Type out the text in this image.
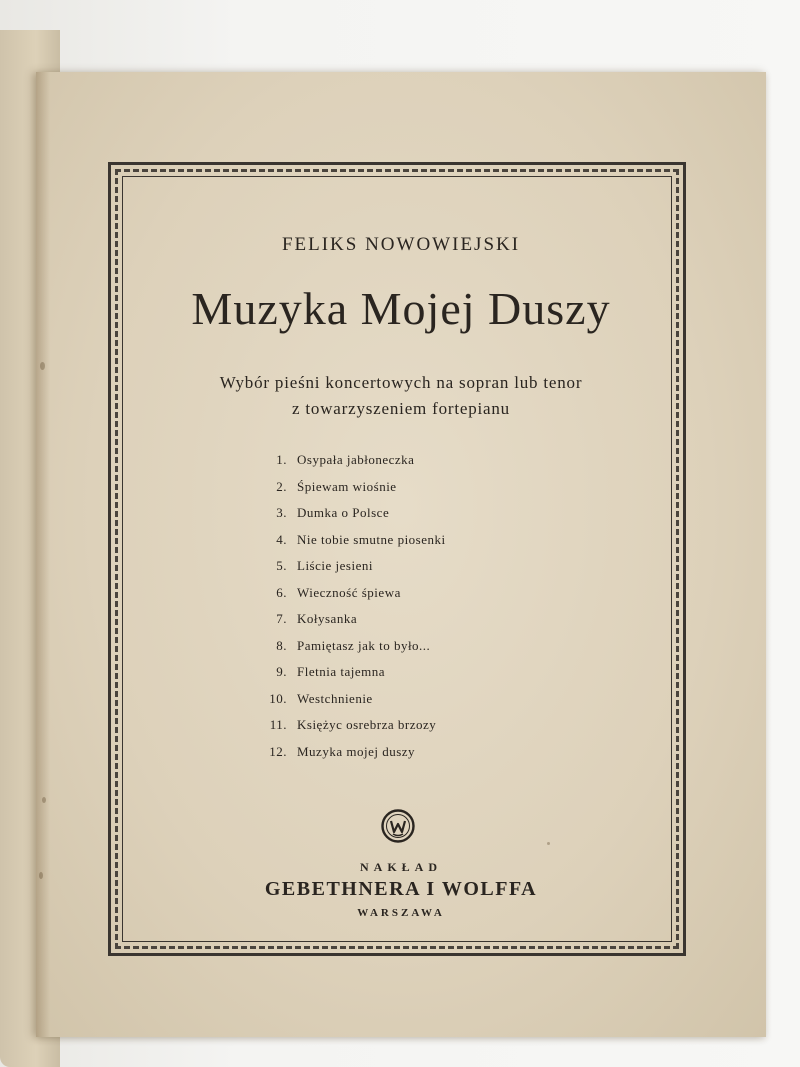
FELIKS NOWOWIEJSKI
Muzyka Mojej Duszy
Wybór pieśni koncertowych na sopran lub tenor
z towarzyszeniem fortepianu
1. Osypała jabłoneczka
2. Śpiewam wiośnie
3. Dumka o Polsce
4. Nie tobie smutne piosenki
5. Liście jesieni
6. Wieczność śpiewa
7. Kołysanka
8. Pamiętasz jak to było...
9. Fletnia tajemna
10. Westchnienie
11. Księżyc osrebrza brzozy
12. Muzyka mojej duszy
NAKŁAD
GEBETHNERA I WOLFFA
WARSZAWA
